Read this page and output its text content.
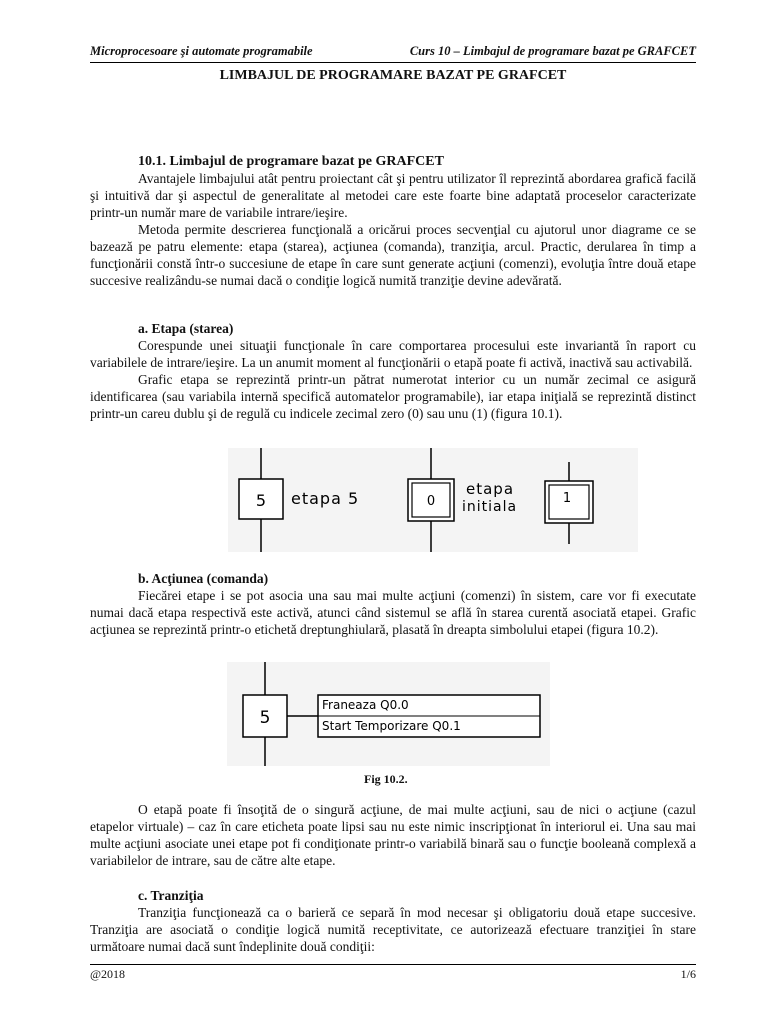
Microprocesoare şi automate programabile	Curs 10 – Limbajul de programare bazat pe GRAFCET
LIMBAJUL DE PROGRAMARE BAZAT PE GRAFCET
10.1. Limbajul de programare bazat pe GRAFCET

Avantajele limbajului atât pentru proiectant cât şi pentru utilizator îl reprezintă abordarea grafică facilă şi intuitivă dar şi aspectul de generalitate al metodei care este foarte bine adaptată proceselor caracterizate printr-un număr mare de variabile intrare/ieşire.

Metoda permite descrierea funcţională a oricărui proces secvenţial cu ajutorul unor diagrame ce se bazează pe patru elemente: etapa (starea), acţiunea (comanda), tranziţia, arcul. Practic, derularea în timp a funcţionării constă într-o succesiune de etape în care sunt generate acţiuni (comenzi), evoluţia între două etape succesive realizându-se numai dacă o condiţie logică numită tranziţie devine adevărată.

a. Etapa (starea)

Corespunde unei situaţii funcţionale în care comportarea procesului este invariantă în raport cu variabilele de intrare/ieşire. La un anumit moment al funcţionării o etapă poate fi activă, inactivă sau activabilă.

Grafic etapa se reprezintă printr-un pătrat numerotat interior cu un număr zecimal ce asigură identificarea (sau variabila internă specifică automatelor programabile), iar etapa iniţială se reprezintă distinct printr-un careu dublu şi de regulă cu indicele zecimal zero (0) sau unu (1) (figura 10.1).

5 etapa 5	0
etapa
initiala
1
b. Acţiunea (comanda)

Fiecărei etape i se pot asocia una sau mai multe acţiuni (comenzi) în sistem, care vor fi executate numai dacă etapa respectivă este activă, atunci când sistemul se află în starea curentă asociată etapei. Grafic acţiunea se reprezintă printr-o etichetă dreptunghiulară, plasată în dreapta simbolului etapei (figura 10.2).

5
Franeaza Q0.0
Start Temporizare Q0.1
Fig 10.2.

O etapă poate fi însoţită de o singură acţiune, de mai multe acţiuni, sau de nici o acţiune (cazul etapelor virtuale) – caz în care eticheta poate lipsi sau nu este nimic inscripţionat în interiorul ei. Una sau mai multe acţiuni asociate unei etape pot fi condiţionate printr-o variabilă binară sau o funcţie booleană complexă a variabilelor de intrare, sau de către alte etape.

c. Tranziţia

Tranziţia funcţionează ca o barieră ce separă în mod necesar şi obligatoriu două etape succesive. Tranziţia are asociată o condiţie logică numită receptivitate, ce autorizează efectuare tranziţiei în stare următoare numai dacă sunt îndeplinite două condiţii:

@2018	1/6
